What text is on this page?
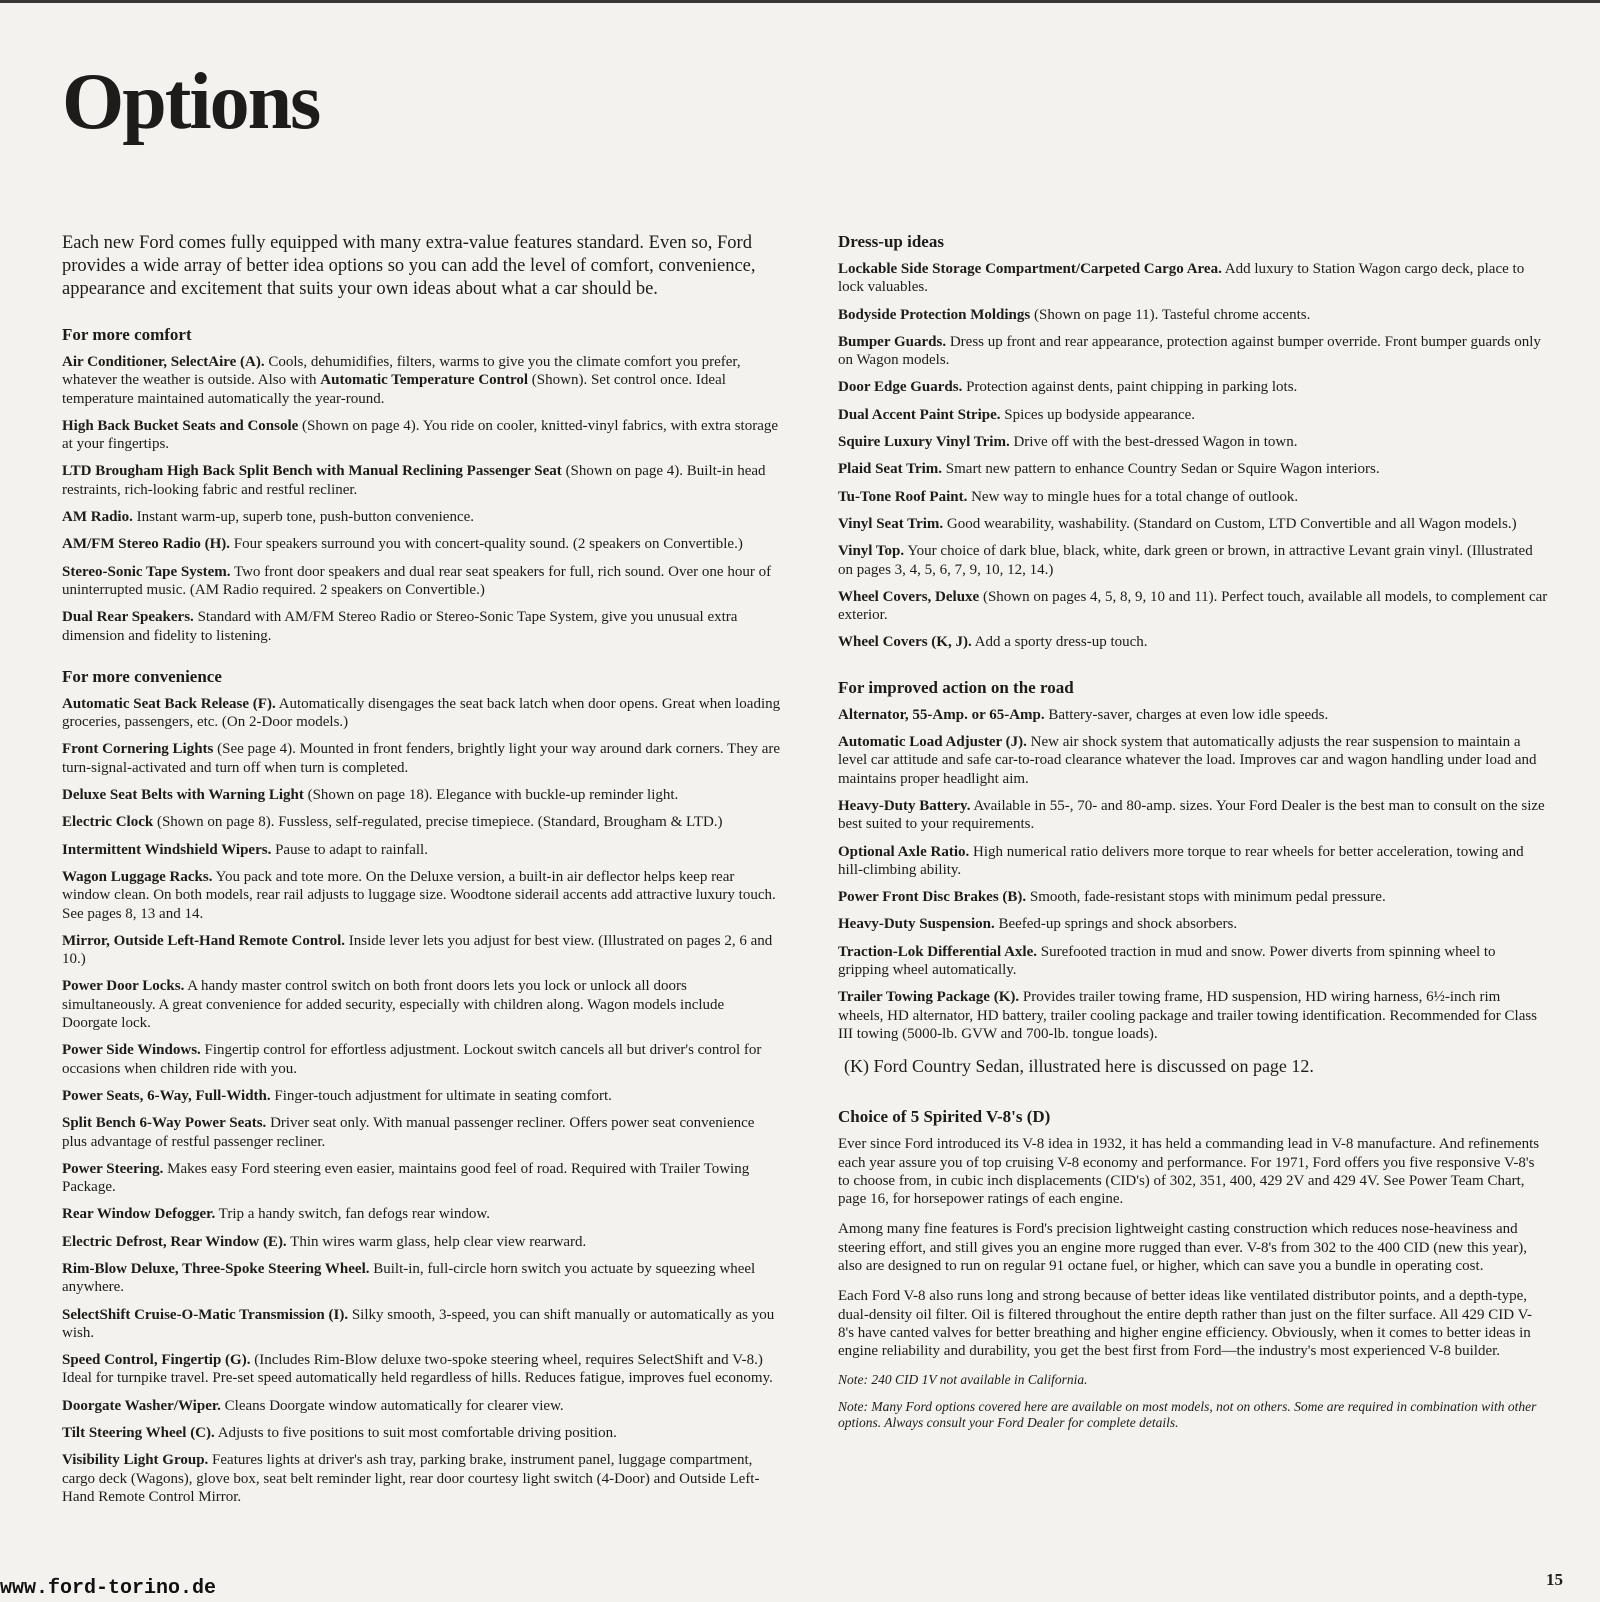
Options

Each new Ford comes fully equipped with many extra-value features standard. Even so, Ford provides a wide array of better idea options so you can add the level of comfort, convenience, appearance and excitement that suits your own ideas about what a car should be.

For more comfort

Air Conditioner, SelectAire (A). Cools, dehumidifies, filters, warms to give you the climate comfort you prefer, whatever the weather is outside. Also with Automatic Temperature Control (Shown). Set control once. Ideal temperature maintained automatically the year-round.

High Back Bucket Seats and Console (Shown on page 4). You ride on cooler, knitted-vinyl fabrics, with extra storage at your fingertips.

LTD Brougham High Back Split Bench with Manual Reclining Passenger Seat (Shown on page 4). Built-in head restraints, rich-looking fabric and restful recliner.

AM Radio. Instant warm-up, superb tone, push-button convenience.

AM/FM Stereo Radio (H). Four speakers surround you with concert-quality sound. (2 speakers on Convertible.)

Stereo-Sonic Tape System. Two front door speakers and dual rear seat speakers for full, rich sound. Over one hour of uninterrupted music. (AM Radio required. 2 speakers on Convertible.)

Dual Rear Speakers. Standard with AM/FM Stereo Radio or Stereo-Sonic Tape System, give you unusual extra dimension and fidelity to listening.

For more convenience

Automatic Seat Back Release (F). Automatically disengages the seat back latch when door opens. Great when loading groceries, passengers, etc. (On 2-Door models.)

Front Cornering Lights (See page 4). Mounted in front fenders, brightly light your way around dark corners. They are turn-signal-activated and turn off when turn is completed.

Deluxe Seat Belts with Warning Light (Shown on page 18). Elegance with buckle-up reminder light.

Electric Clock (Shown on page 8). Fussless, self-regulated, precise timepiece. (Standard, Brougham & LTD.)

Intermittent Windshield Wipers. Pause to adapt to rainfall.

Wagon Luggage Racks. You pack and tote more. On the Deluxe version, a built-in air deflector helps keep rear window clean. On both models, rear rail adjusts to luggage size. Woodtone siderail accents add attractive luxury touch. See pages 8, 13 and 14.

Mirror, Outside Left-Hand Remote Control. Inside lever lets you adjust for best view. (Illustrated on pages 2, 6 and 10.)

Power Door Locks. A handy master control switch on both front doors lets you lock or unlock all doors simultaneously. A great convenience for added security, especially with children along. Wagon models include Doorgate lock.

Power Side Windows. Fingertip control for effortless adjustment. Lockout switch cancels all but driver's control for occasions when children ride with you.

Power Seats, 6-Way, Full-Width. Finger-touch adjustment for ultimate in seating comfort.

Split Bench 6-Way Power Seats. Driver seat only. With manual passenger recliner. Offers power seat convenience plus advantage of restful passenger recliner.

Power Steering. Makes easy Ford steering even easier, maintains good feel of road. Required with Trailer Towing Package.

Rear Window Defogger. Trip a handy switch, fan defogs rear window.

Electric Defrost, Rear Window (E). Thin wires warm glass, help clear view rearward.

Rim-Blow Deluxe, Three-Spoke Steering Wheel. Built-in, full-circle horn switch you actuate by squeezing wheel anywhere.

SelectShift Cruise-O-Matic Transmission (I). Silky smooth, 3-speed, you can shift manually or automatically as you wish.

Speed Control, Fingertip (G). (Includes Rim-Blow deluxe two-spoke steering wheel, requires SelectShift and V-8.) Ideal for turnpike travel. Pre-set speed automatically held regardless of hills. Reduces fatigue, improves fuel economy.

Doorgate Washer/Wiper. Cleans Doorgate window automatically for clearer view.

Tilt Steering Wheel (C). Adjusts to five positions to suit most comfortable driving position.

Visibility Light Group. Features lights at driver's ash tray, parking brake, instrument panel, luggage compartment, cargo deck (Wagons), glove box, seat belt reminder light, rear door courtesy light switch (4-Door) and Outside Left-Hand Remote Control Mirror.

Dress-up ideas

Lockable Side Storage Compartment/Carpeted Cargo Area. Add luxury to Station Wagon cargo deck, place to lock valuables.

Bodyside Protection Moldings (Shown on page 11). Tasteful chrome accents.

Bumper Guards. Dress up front and rear appearance, protection against bumper override. Front bumper guards only on Wagon models.

Door Edge Guards. Protection against dents, paint chipping in parking lots.

Dual Accent Paint Stripe. Spices up bodyside appearance.

Squire Luxury Vinyl Trim. Drive off with the best-dressed Wagon in town.

Plaid Seat Trim. Smart new pattern to enhance Country Sedan or Squire Wagon interiors.

Tu-Tone Roof Paint. New way to mingle hues for a total change of outlook.

Vinyl Seat Trim. Good wearability, washability. (Standard on Custom, LTD Convertible and all Wagon models.)

Vinyl Top. Your choice of dark blue, black, white, dark green or brown, in attractive Levant grain vinyl. (Illustrated on pages 3, 4, 5, 6, 7, 9, 10, 12, 14.)

Wheel Covers, Deluxe (Shown on pages 4, 5, 8, 9, 10 and 11). Perfect touch, available all models, to complement car exterior.

Wheel Covers (K, J). Add a sporty dress-up touch.

For improved action on the road

Alternator, 55-Amp. or 65-Amp. Battery-saver, charges at even low idle speeds.

Automatic Load Adjuster (J). New air shock system that automatically adjusts the rear suspension to maintain a level car attitude and safe car-to-road clearance whatever the load. Improves car and wagon handling under load and maintains proper headlight aim.

Heavy-Duty Battery. Available in 55-, 70- and 80-amp. sizes. Your Ford Dealer is the best man to consult on the size best suited to your requirements.

Optional Axle Ratio. High numerical ratio delivers more torque to rear wheels for better acceleration, towing and hill-climbing ability.

Power Front Disc Brakes (B). Smooth, fade-resistant stops with minimum pedal pressure.

Heavy-Duty Suspension. Beefed-up springs and shock absorbers.

Traction-Lok Differential Axle. Surefooted traction in mud and snow. Power diverts from spinning wheel to gripping wheel automatically.

Trailer Towing Package (K). Provides trailer towing frame, HD suspension, HD wiring harness, 6½-inch rim wheels, HD alternator, HD battery, trailer cooling package and trailer towing identification. Recommended for Class III towing (5000-lb. GVW and 700-lb. tongue loads).

(K) Ford Country Sedan, illustrated here is discussed on page 12.

Choice of 5 Spirited V-8's (D)

Ever since Ford introduced its V-8 idea in 1932, it has held a commanding lead in V-8 manufacture. And refinements each year assure you of top cruising V-8 economy and performance. For 1971, Ford offers you five responsive V-8's to choose from, in cubic inch displacements (CID's) of 302, 351, 400, 429 2V and 429 4V. See Power Team Chart, page 16, for horsepower ratings of each engine.

Among many fine features is Ford's precision lightweight casting construction which reduces nose-heaviness and steering effort, and still gives you an engine more rugged than ever. V-8's from 302 to the 400 CID (new this year), also are designed to run on regular 91 octane fuel, or higher, which can save you a bundle in operating cost.

Each Ford V-8 also runs long and strong because of better ideas like ventilated distributor points, and a depth-type, dual-density oil filter. Oil is filtered throughout the entire depth rather than just on the filter surface. All 429 CID V-8's have canted valves for better breathing and higher engine efficiency. Obviously, when it comes to better ideas in engine reliability and durability, you get the best first from Ford—the industry's most experienced V-8 builder.

Note: 240 CID 1V not available in California.

Note: Many Ford options covered here are available on most models, not on others. Some are required in combination with other options. Always consult your Ford Dealer for complete details.

15
www.ford-torino.de
